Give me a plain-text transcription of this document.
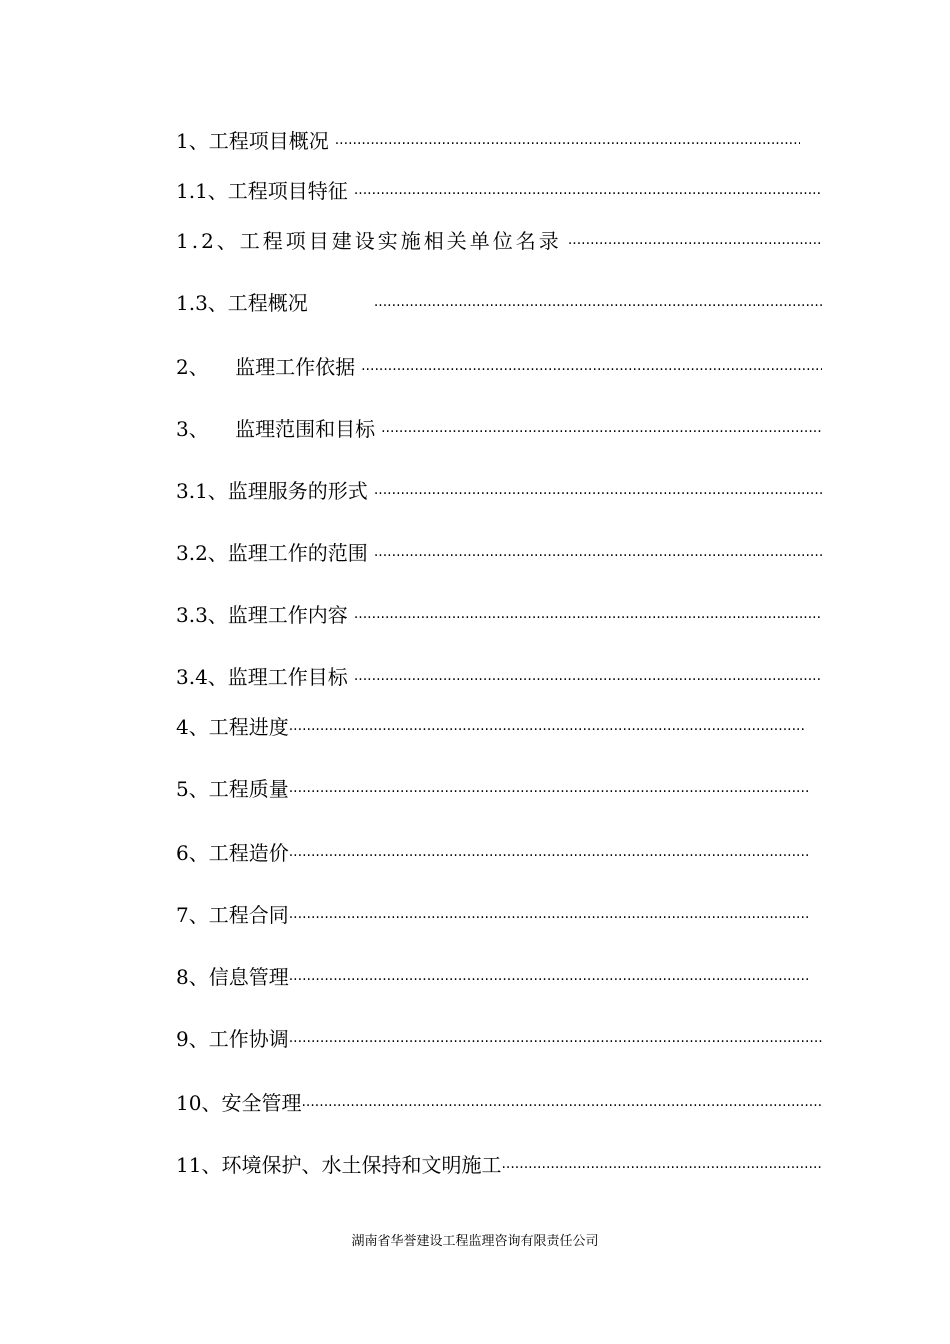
1、工程项目概况
·····
1.1、工程项目特征
·····
1.2、工程项目建设实施相关单位名录
·····
1.3、工程概况
·····
2、 监理工作依据
·····
3、 监理范围和目标
·····
3.1、监理服务的形式
·····
3.2、监理工作的范围
·····
3.3、监理工作内容
·····
3.4、监理工作目标
·····
4、工程进度
·····
5、工程质量
·····
6、工程造价
·····
7、工程合同
·····
8、信息管理
·····
9、工作协调
·····
10、安全管理
·····
11、环境保护、水土保持和文明施工
·····
湖南省华誉建设工程监理咨询有限责任公司
